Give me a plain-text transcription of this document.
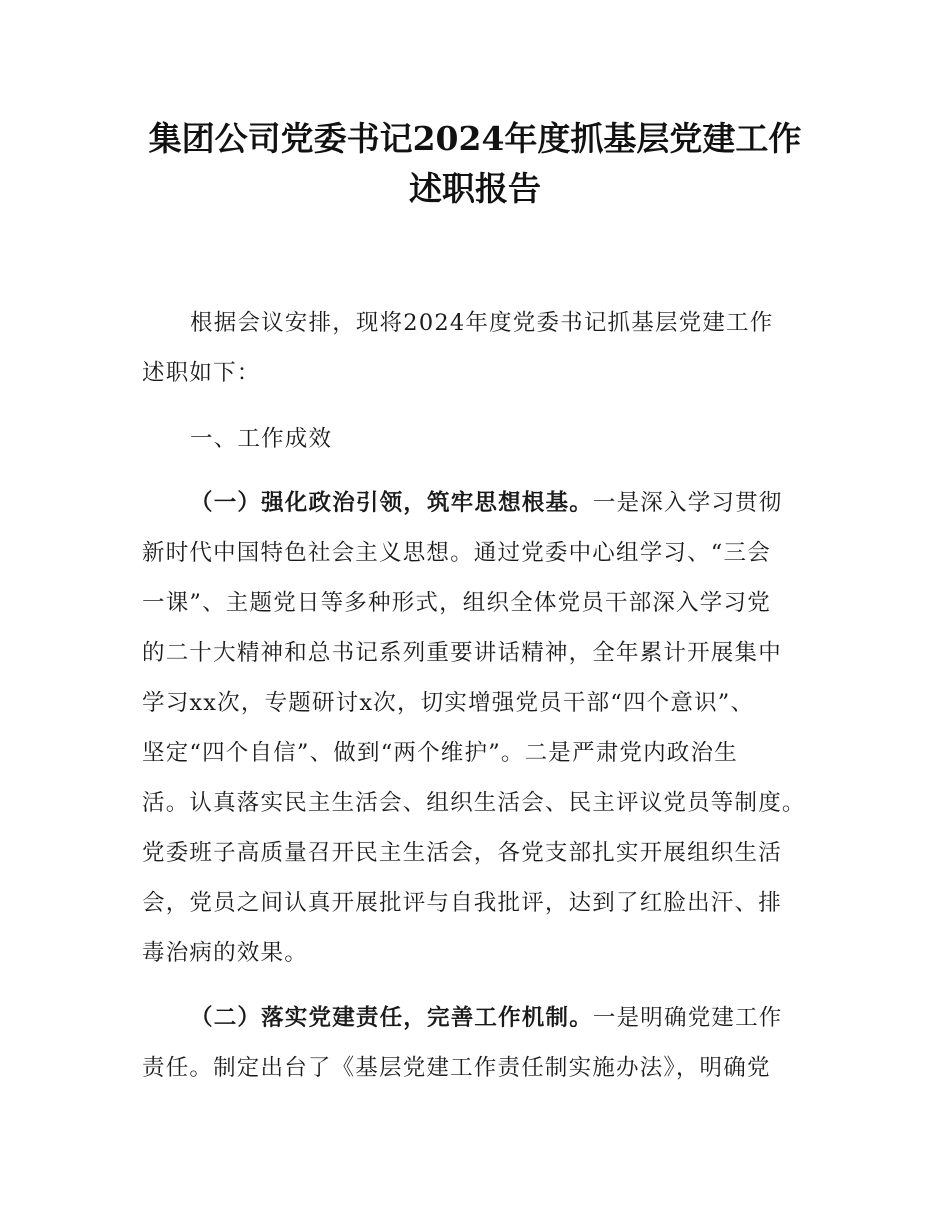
集团公司党委书记2024年度抓基层党建工作
述职报告
根据会议安排，现将2024年度党委书记抓基层党建工作
述职如下：
一、工作成效
（一）强化政治引领，筑牢思想根基。一是深入学习贯彻
新时代中国特色社会主义思想。通过党委中心组学习、“三会
一课”、主题党日等多种形式，组织全体党员干部深入学习党
的二十大精神和总书记系列重要讲话精神，全年累计开展集中
学习xx次，专题研讨x次，切实增强党员干部“四个意识”、
坚定“四个自信”、做到“两个维护”。二是严肃党内政治生
活。认真落实民主生活会、组织生活会、民主评议党员等制度。
党委班子高质量召开民主生活会，各党支部扎实开展组织生活
会，党员之间认真开展批评与自我批评，达到了红脸出汗、排
毒治病的效果。
（二）落实党建责任，完善工作机制。一是明确党建工作
责任。制定出台了《基层党建工作责任制实施办法》，明确党
